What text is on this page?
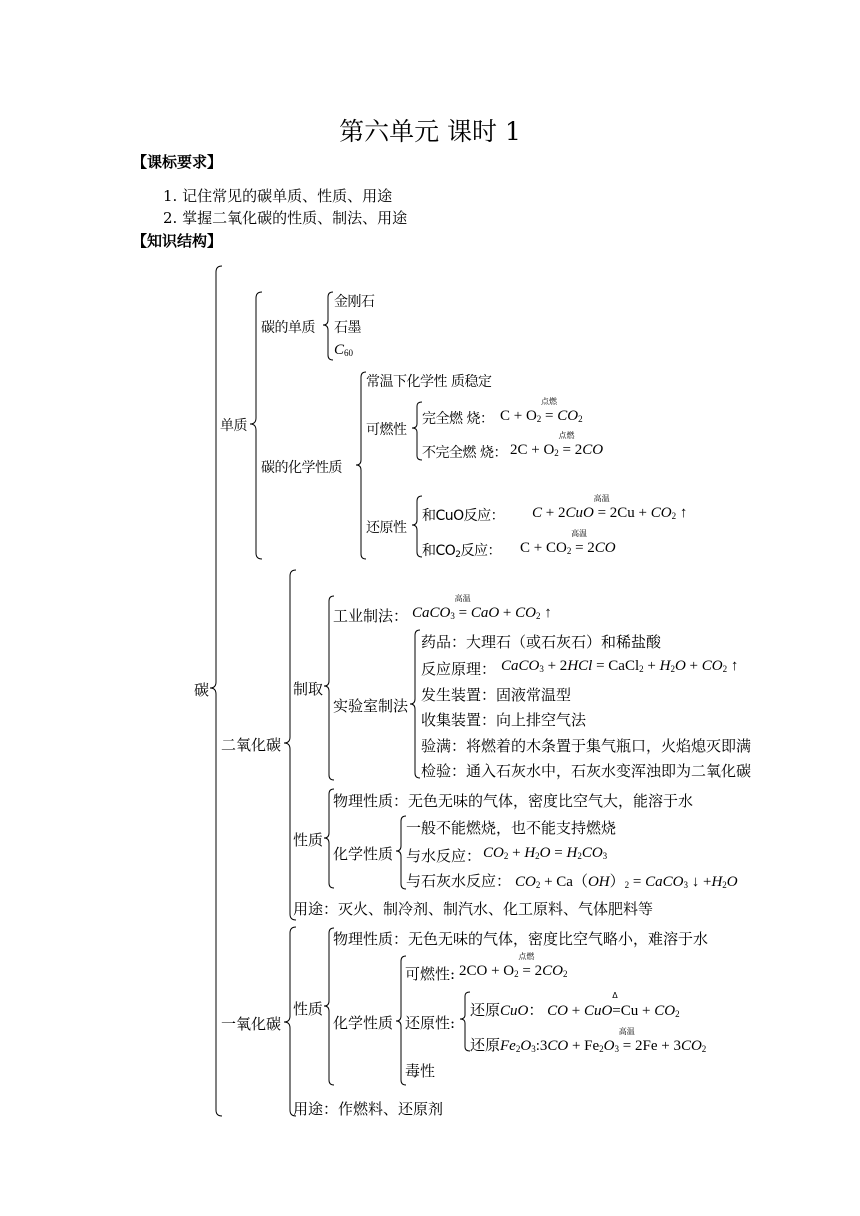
第六单元 课时 1
【课标要求】
1. 记住常见的碳单质、性质、用途
2. 掌握二氧化碳的性质、制法、用途
【知识结构】
碳
单质
碳的单质
金刚石
石墨
C60
碳的化学性质
常温下化学性 质稳定
可燃性
完全燃 烧： C + O2 =
点燃
CO2
不完全燃 烧： 2C + O2 =
点燃
2CO
还原性
和CuO反应： C + 2CuO =
高温
2Cu + CO2 ↑
和CO2反应： C + CO2 =
高温
2CO
二氧化碳
制取
工业制法： CaCO3 =
高温
CaO + CO2 ↑
实验室制法
药品：大理石（或石灰石）和稀盐酸
反应原理： CaCO3 + 2HCl = CaCl2 + H2O + CO2 ↑
发生装置：固液常温型
收集装置：向上排空气法
验满：将燃着的木条置于集气瓶口，火焰熄灭即满
检验：通入石灰水中，石灰水变浑浊即为二氧化碳
性质
物理性质：无色无味的气体，密度比空气大，能溶于水
化学性质
一般不能燃烧，也不能支持燃烧
与水反应： CO2 + H2O = H2CO3
与石灰水反应： CO2 + Ca（OH）2 = CaCO3 ↓ +H2O
用途：灭火、制冷剂、制汽水、化工原料、气体肥料等
一氧化碳
性质
物理性质：无色无味的气体，密度比空气略小，难溶于水
化学性质
可燃性: 2CO + O2 =
点燃
2CO2
还原性:
还原CuO： CO + CuO=
Δ
Cu + CO2
还原Fe2O3:3CO + Fe2O3 =
高温
2Fe + 3CO2
毒性
用途：作燃料、还原剂
